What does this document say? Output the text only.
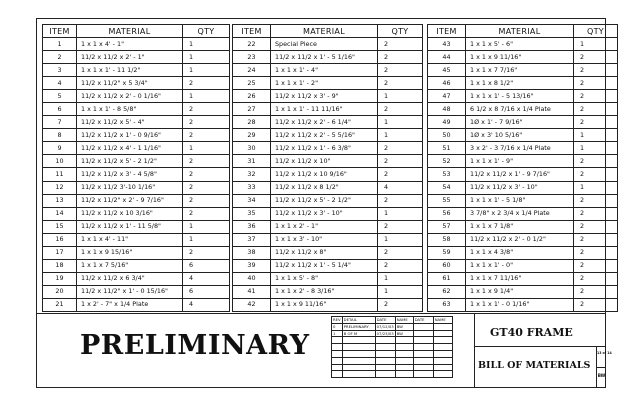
ITEM	MATERIAL	QTY
1	1 x 1 x 4' - 1"	1
2	11/2 x 11/2 x 2' - 1"	1
3	1 x 1 x 1' - 11 1/2"	1
4	11/2 x 11/2" x 5 3/4"	2
5	11/2 x 11/2 x 2' - 0 1/16"	1
6	1 x 1 x 1' - 8 5/8"	2
7	11/2 x 11/2 x 5' - 4"	2
8	11/2 x 11/2 x 1' - 0 9/16"	2
9	11/2 x 11/2 x 4' - 1 1/16"	1
10	11/2 x 11/2 x 5' - 2 1/2"	2
11	11/2 x 11/2 x 3' - 4 5/8"	2
12	11/2 x 11/2 3'-10 1/16"	2
13	11/2 x 11/2" x 2' - 9 7/16"	2
14	11/2 x 11/2 x 10 3/16"	2
15	11/2 x 11/2 x 1' - 11 5/8"	1
16	1 x 1 x 4' - 11"	1
17	1 x 1 x 9 15/16"	2
18	1 x 1 x 7 5/16"	6
19	11/2 x 11/2 x 6 3/4"	4
20	11/2 x 11/2" x 1' - 0 15/16"	6
21	1 x 2' - 7" x 1/4 Plate	4
ITEM	MATERIAL	QTY
22	Special Piece	2
23	11/2 x 11/2 x 1' - 5 1/16"	2
24	1 x 1 x 1' - 4"	2
25	1 x 1 x 1' - 2"	2
26	11/2 x 11/2 x 3' - 9"	1
27	1 x 1 x 1' - 11 11/16"	2
28	11/2 x 11/2 x 2' - 6 1/4"	1
29	11/2 x 11/2 x 2' - 5 5/16"	1
30	11/2 x 11/2 x 1' - 6 3/8"	2
31	11/2 x 11/2 x 10"	2
32	11/2 x 11/2 x 10 9/16"	2
33	11/2 x 11/2 x 8 1/2"	4
34	11/2 x 11/2 x 5' - 2 1/2"	2
35	11/2 x 11/2 x 3' - 10"	1
36	1 x 1 x 2' - 1"	2
37	1 x 1 x 3' - 10"	1
38	11/2 x 11/2 x 8"	2
39	11/2 x 11/2 x 1' - 5 1/4"	2
40	1 x 1 x 5' - 8"	1
41	1 x 1 x 2' - 8 3/16"	1
42	1 x 1 x 9 11/16"	2
ITEM	MATERIAL	QTY
43	1 x 1 x 5' - 6"	1
44	1 x 1 x 9 11/16"	2
45	1 x 1 x 7 7/16"	2
46	1 x 1 x 8 1/2"	2
47	1 x 1 x 1' - 5 13/16"	2
48	6 1/2 x 8 7/16 x 1/4 Plate	2
49	1Ø x 1' - 7 9/16"	2
50	1Ø x 3' 10 5/16"	1
51	3 x 2' - 3 7/16 x 1/4 Plate	1
52	1 x 1 x 1' - 9"	2
53	11/2 x 11/2 x 1' - 9 7/16"	2
54	11/2 x 11/2 x 3' - 10"	1
55	1 x 1 x 1' - 5 1/8"	2
56	3 7/8" x 2 3/4 x 1/4 Plate	2
57	1 x 1 x 7 1/8"	2
58	11/2 x 11/2 x 2' - 0 1/2"	2
59	1 x 1 x 4 3/8"	2
60	1 x 1 x 1' - 0"	2
61	1 x 1 x 7 11/16"	2
62	1 x 1 x 9 1/4"	2
63	1 x 1 x 1' - 0 1/16"	2
PRELIMINARY
REV	DETAIL	DATE	NAME	DATE	NAME
0	PRELIMINARY	07/12/03	BW		
1	B OF M	07/23/03	BW		

						GT40 FRAME
BILL OF MATERIALS
13 of 14
BW
